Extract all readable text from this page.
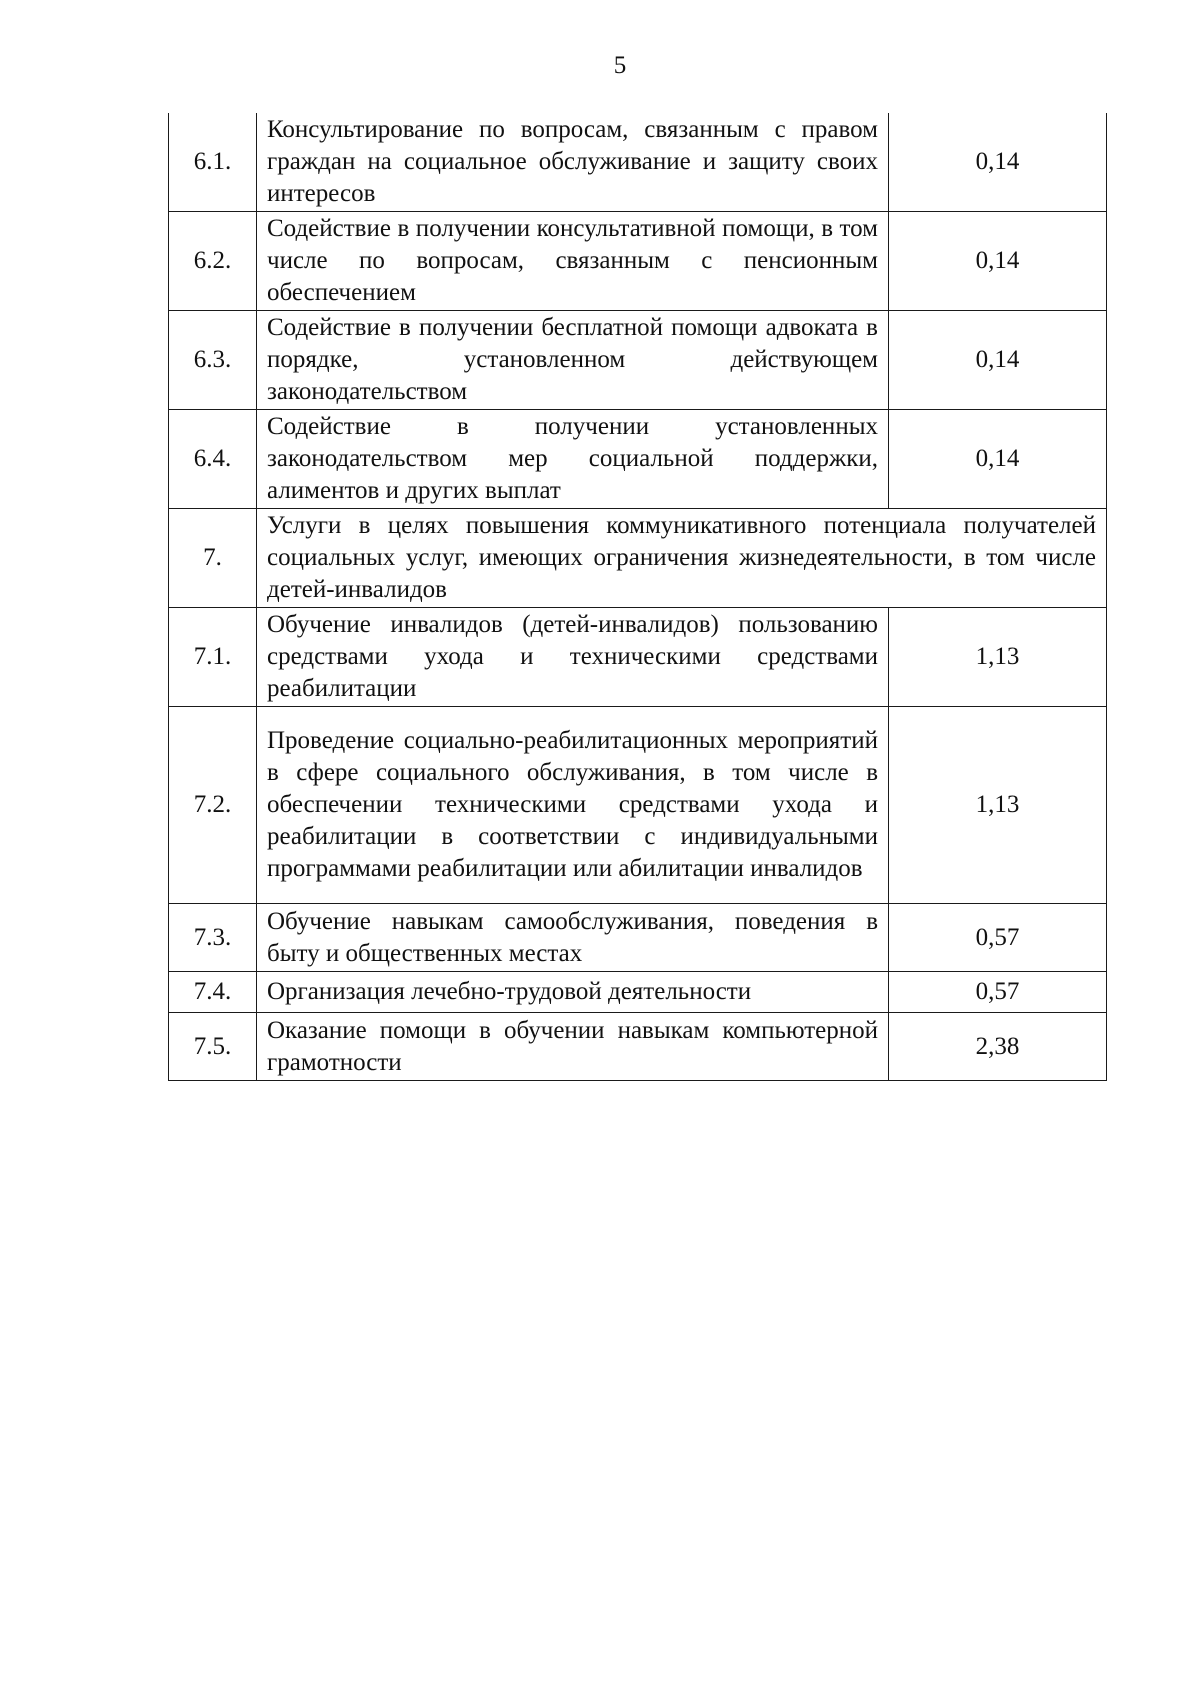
5
6.1.	Консультирование по вопросам, связанным с правом граждан на социальное обслуживание и защиту своих интересов	0,14
6.2.	Содействие в получении консультативной помощи, в том числе по вопросам, связанным с пенсионным обеспечением	0,14
6.3.	Содействие в получении бесплатной помощи адвоката в порядке, установленном действующем законодательством	0,14
6.4.	Содействие в получении установленных законодательством мер социальной поддержки, алиментов и других выплат	0,14
7.	Услуги в целях повышения коммуникативного потенциала получателей социальных услуг, имеющих ограничения жизнедеятельности, в том числе детей-инвалидов	
7.1.	Обучение инвалидов (детей-инвалидов) пользованию средствами ухода и техническими средствами реабилитации	1,13
7.2.	Проведение социально-реабилитационных мероприятий в сфере социального обслуживания, в том числе в обеспечении техническими средствами ухода и реабилитации в соответствии с индивидуальными программами реабилитации или абилитации инвалидов	1,13
7.3.	Обучение навыкам самообслуживания, поведения в быту и общественных местах	0,57
7.4.	Организация лечебно-трудовой деятельности	0,57
7.5.	Оказание помощи в обучении навыкам компьютерной грамотности	2,38
